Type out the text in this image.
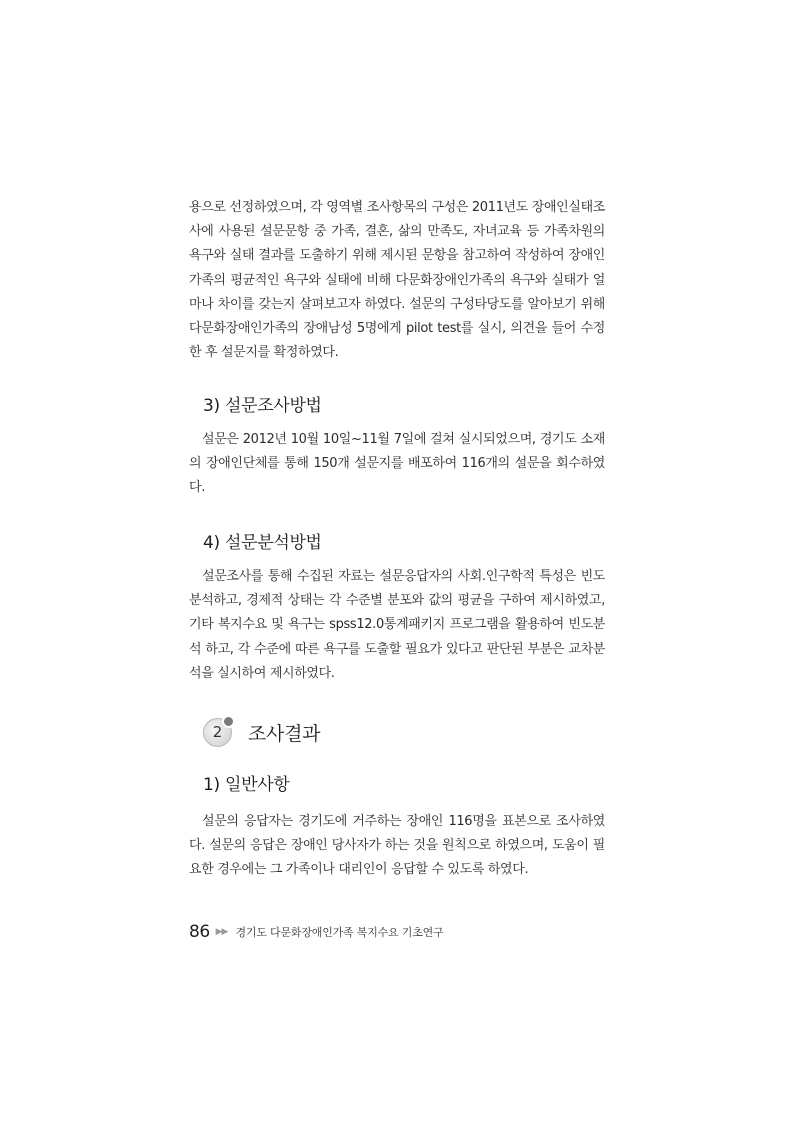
용으로 선정하였으며, 각 영역별 조사항목의 구성은 2011년도 장애인실태조사에 사용된 설문문항 중 가족, 결혼, 삶의 만족도, 자녀교육 등 가족차원의 욕구와 실태 결과를 도출하기 위해 제시된 문항을 참고하여 작성하여 장애인가족의 평균적인 욕구와 실태에 비해 다문화장애인가족의 욕구와 실태가 얼마나 차이를 갖는지 살펴보고자 하였다. 설문의 구성타당도를 알아보기 위해 다문화장애인가족의 장애남성 5명에게 pilot test를 실시, 의견을 들어 수정한 후 설문지를 확정하였다.

3) 설문조사방법

설문은 2012년 10월 10일~11월 7일에 걸쳐 실시되었으며, 경기도 소재의 장애인단체를 통해 150개 설문지를 배포하여 116개의 설문을 회수하였다.

4) 설문분석방법

설문조사를 통해 수집된 자료는 설문응답자의 사회.인구학적 특성은 빈도분석하고, 경제적 상태는 각 수준별 분포와 값의 평균을 구하여 제시하였고, 기타 복지수요 및 욕구는 spss12.0통계패키지 프로그램을 활용하여 빈도분석 하고, 각 수준에 따른 욕구를 도출할 필요가 있다고 판단된 부분은 교차분석을 실시하여 제시하였다.

2 조사결과
1) 일반사항

설문의 응답자는 경기도에 거주하는 장애인 116명을 표본으로 조사하였다. 설문의 응답은 장애인 당사자가 하는 것을 원칙으로 하였으며, 도움이 필요한 경우에는 그 가족이나 대리인이 응답할 수 있도록 하였다.

86 ▶▶ 경기도 다문화장애인가족 복지수요 기초연구
